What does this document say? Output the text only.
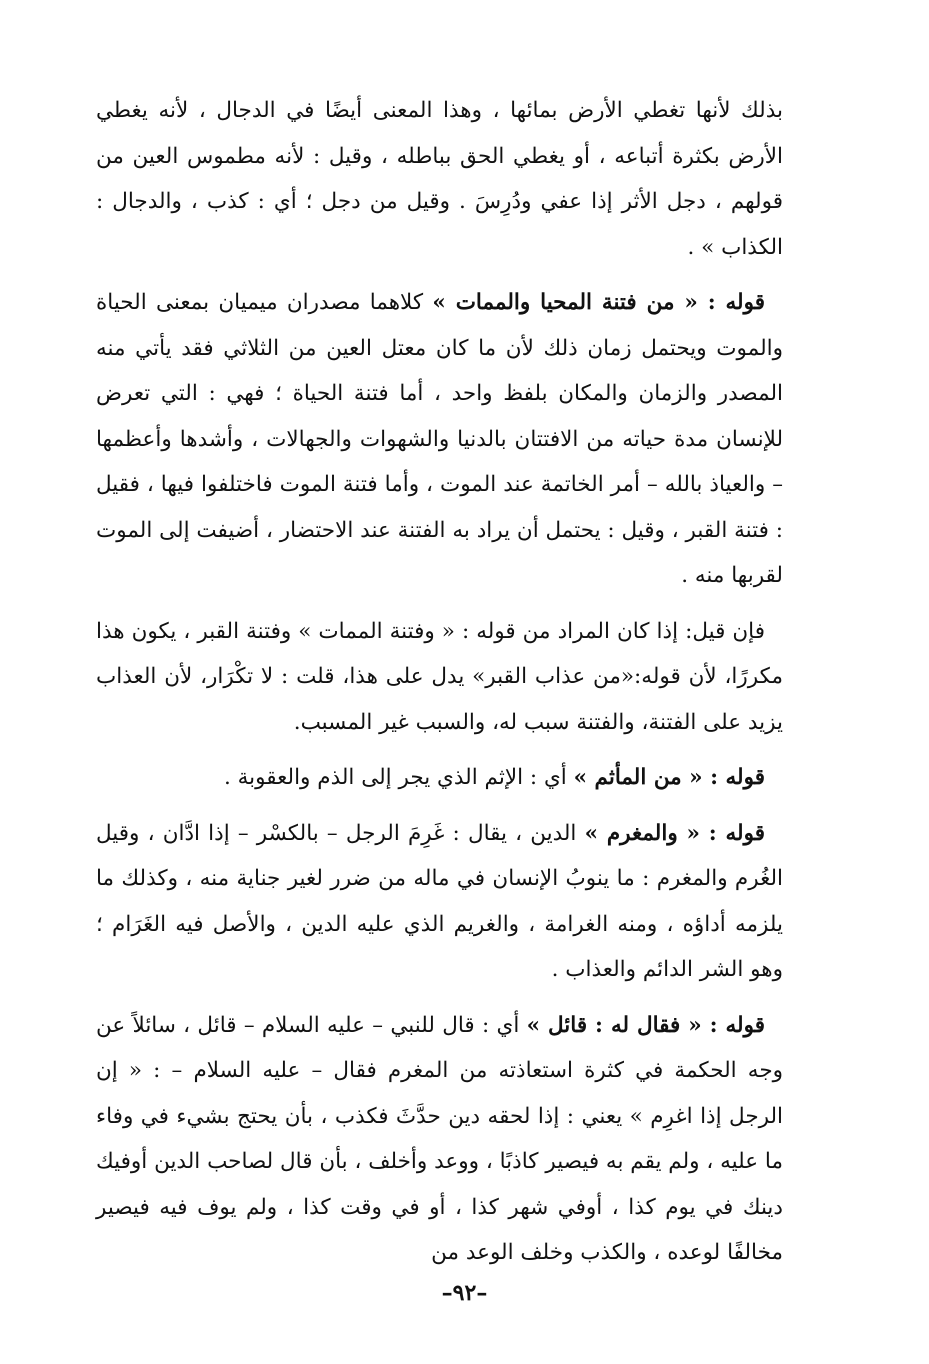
بذلك لأنها تغطي الأرض بمائها ، وهذا المعنى أيضًا في الدجال ، لأنه يغطي الأرض بكثرة أتباعه ، أو يغطي الحق بباطله ، وقيل : لأنه مطموس العين من قولهم ، دجل الأثر إذا عفي ودُرِسَ . وقيل من دجل ؛ أي : كذب ، والدجال : الكذاب » .

قوله : « من فتنة المحيا والممات » كلاهما مصدران ميميان بمعنى الحياة والموت ويحتمل زمان ذلك لأن ما كان معتل العين من الثلاثي فقد يأتي منه المصدر والزمان والمكان بلفظ واحد ، أما فتنة الحياة ؛ فهي : التي تعرض للإنسان مدة حياته من الافتتان بالدنيا والشهوات والجهالات ، وأشدها وأعظمها – والعياذ بالله – أمر الخاتمة عند الموت ، وأما فتنة الموت فاختلفوا فيها ، فقيل : فتنة القبر ، وقيل : يحتمل أن يراد به الفتنة عند الاحتضار ، أضيفت إلى الموت لقربها منه .

فإن قيل: إذا كان المراد من قوله : « وفتنة الممات » وفتنة القبر ، يكون هذا مكررًا، لأن قوله:«من عذاب القبر» يدل على هذا، قلت : لا تكْرَار، لأن العذاب يزيد على الفتنة، والفتنة سبب له، والسبب غير المسبب.

قوله : « من المأثم » أي : الإثم الذي يجر إلى الذم والعقوبة .

قوله : « والمغرم » الدين ، يقال : غَرِمَ الرجل – بالكسْر – إذا ادَّان ، وقيل الغُرم والمغرم : ما ينوبُ الإنسان في ماله من ضرر لغير جناية منه ، وكذلك ما يلزمه أداؤه ، ومنه الغرامة ، والغريم الذي عليه الدين ، والأصل فيه الغَرَام ؛ وهو الشر الدائم والعذاب .

قوله : « فقال له : قائل » أي : قال للنبي – عليه السلام – قائل ، سائلاً عن وجه الحكمة في كثرة استعاذته من المغرم فقال – عليه السلام – : « إن الرجل إذا اغرِم » يعني : إذا لحقه دين حدَّثَ فكذب ، بأن يحتج بشيء في وفاء ما عليه ، ولم يقم به فيصير كاذبًا ، ووعد وأخلف ، بأن قال لصاحب الدين أوفيك دينك في يوم كذا ، أوفي شهر كذا ، أو في وقت كذا ، ولم يوف فيه فيصير مخالفًا لوعده ، والكذب وخلف الوعد من

–٩٢–
